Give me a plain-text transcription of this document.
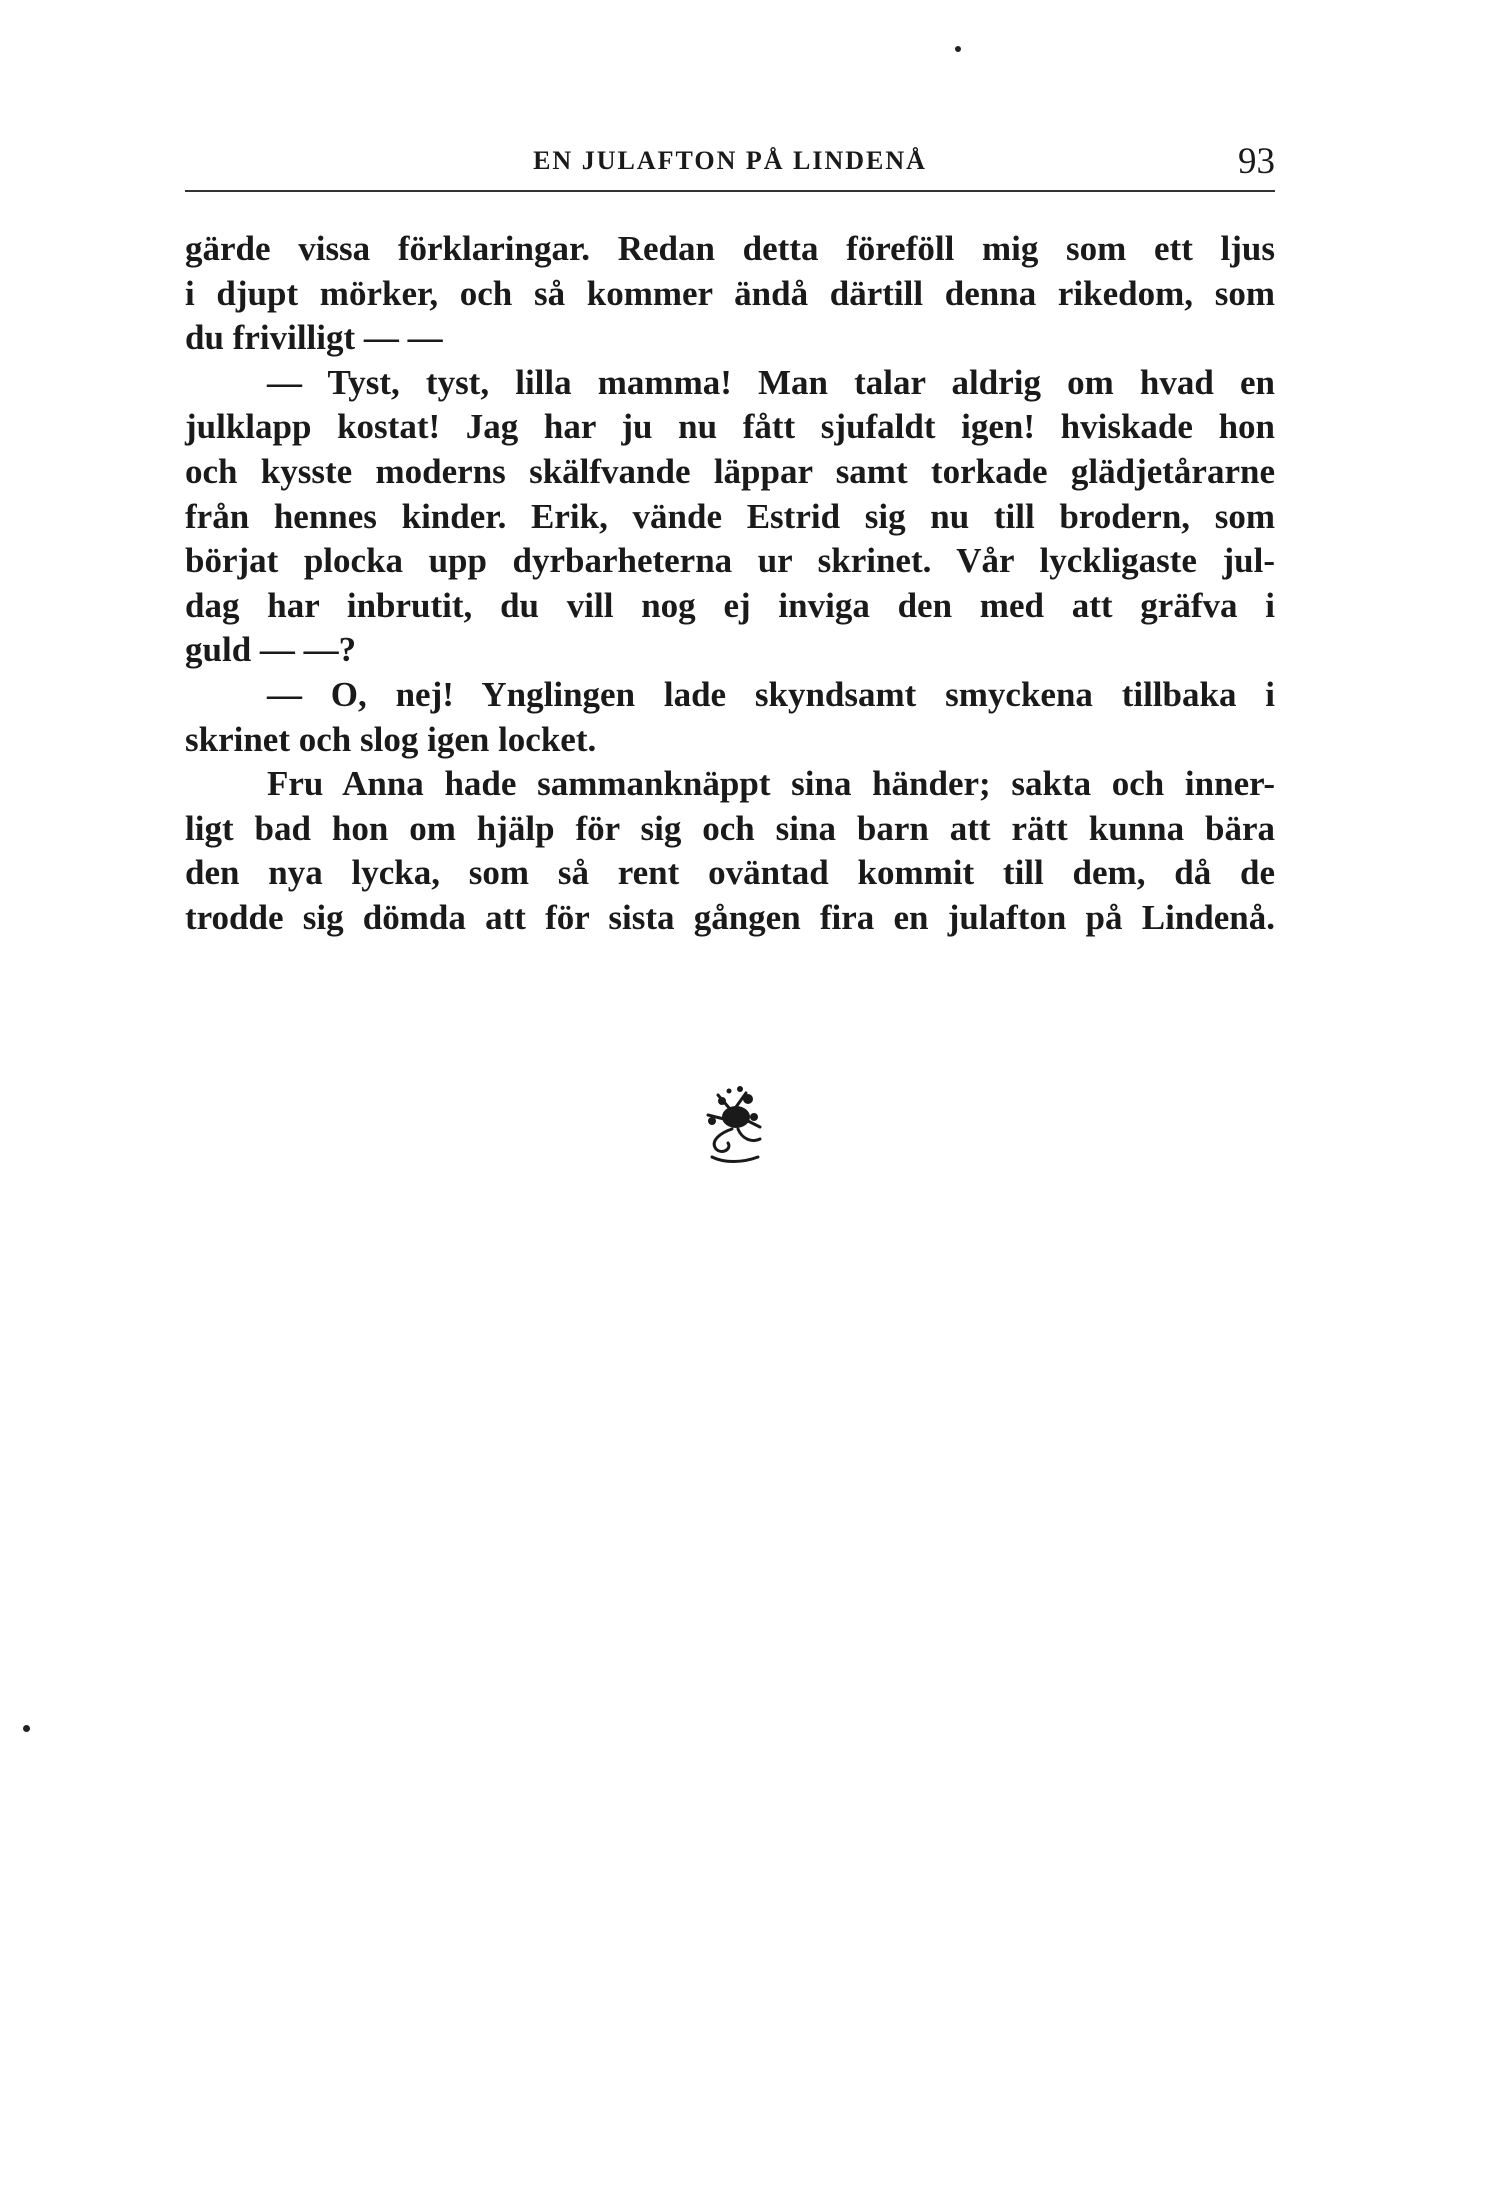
EN JULAFTON PÅ LINDENÅ	93
gärde vissa förklaringar. Redan detta föreföll mig som ett ljus
i djupt mörker, och så kommer ändå därtill denna rikedom, som
du frivilligt — —
— Tyst, tyst, lilla mamma! Man talar aldrig om hvad en
julklapp kostat! Jag har ju nu fått sjufaldt igen! hviskade hon
och kysste moderns skälfvande läppar samt torkade glädjetårarne
från hennes kinder. Erik, vände Estrid sig nu till brodern, som
börjat plocka upp dyrbarheterna ur skrinet. Vår lyckligaste jul-
dag har inbrutit, du vill nog ej inviga den med att gräfva i
guld — —?
— O, nej! Ynglingen lade skyndsamt smyckena tillbaka i
skrinet och slog igen locket.
Fru Anna hade sammanknäppt sina händer; sakta och inner-
ligt bad hon om hjälp för sig och sina barn att rätt kunna bära
den nya lycka, som så rent oväntad kommit till dem, då de
trodde sig dömda att för sista gången fira en julafton på Lindenå.
